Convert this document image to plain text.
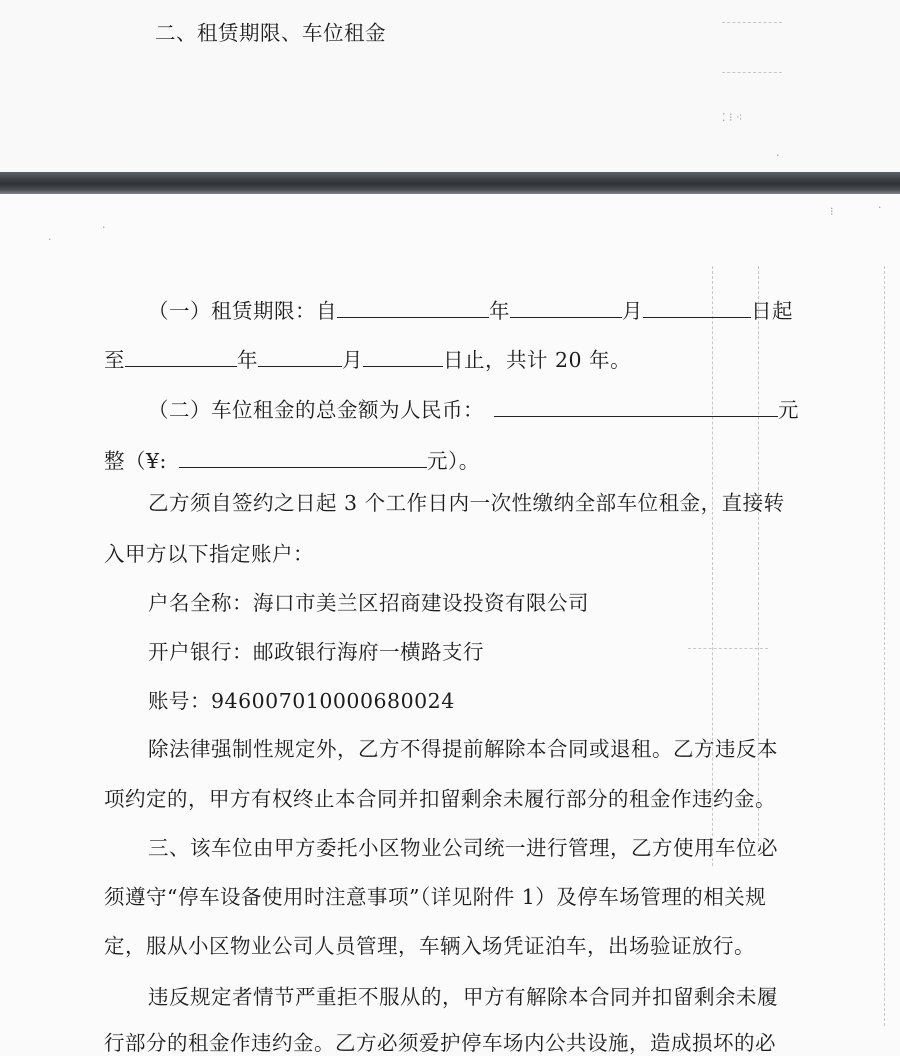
二、租赁期限、车位租金
⁚ ⁝ ⁖
·
·
·
⁝	·
（一）租赁期限：自	年	月	日起
至	年	月	日止，共计 20 年。
（二）车位租金的总金额为人民币：	元
整（¥:	元）。
乙方须自签约之日起 3 个工作日内一次性缴纳全部车位租金，直接转
入甲方以下指定账户：
户名全称：海口市美兰区招商建设投资有限公司
开户银行：邮政银行海府一横路支行
账号：946007010000680024
除法律强制性规定外，乙方不得提前解除本合同或退租。乙方违反本
项约定的，甲方有权终止本合同并扣留剩余未履行部分的租金作违约金。
三、该车位由甲方委托小区物业公司统一进行管理，乙方使用车位必
须遵守“停车设备使用时注意事项”（详见附件 1）及停车场管理的相关规
定，服从小区物业公司人员管理，车辆入场凭证泊车，出场验证放行。
违反规定者情节严重拒不服从的，甲方有解除本合同并扣留剩余未履
行部分的租金作违约金。乙方必须爱护停车场内公共设施，造成损坏的必
